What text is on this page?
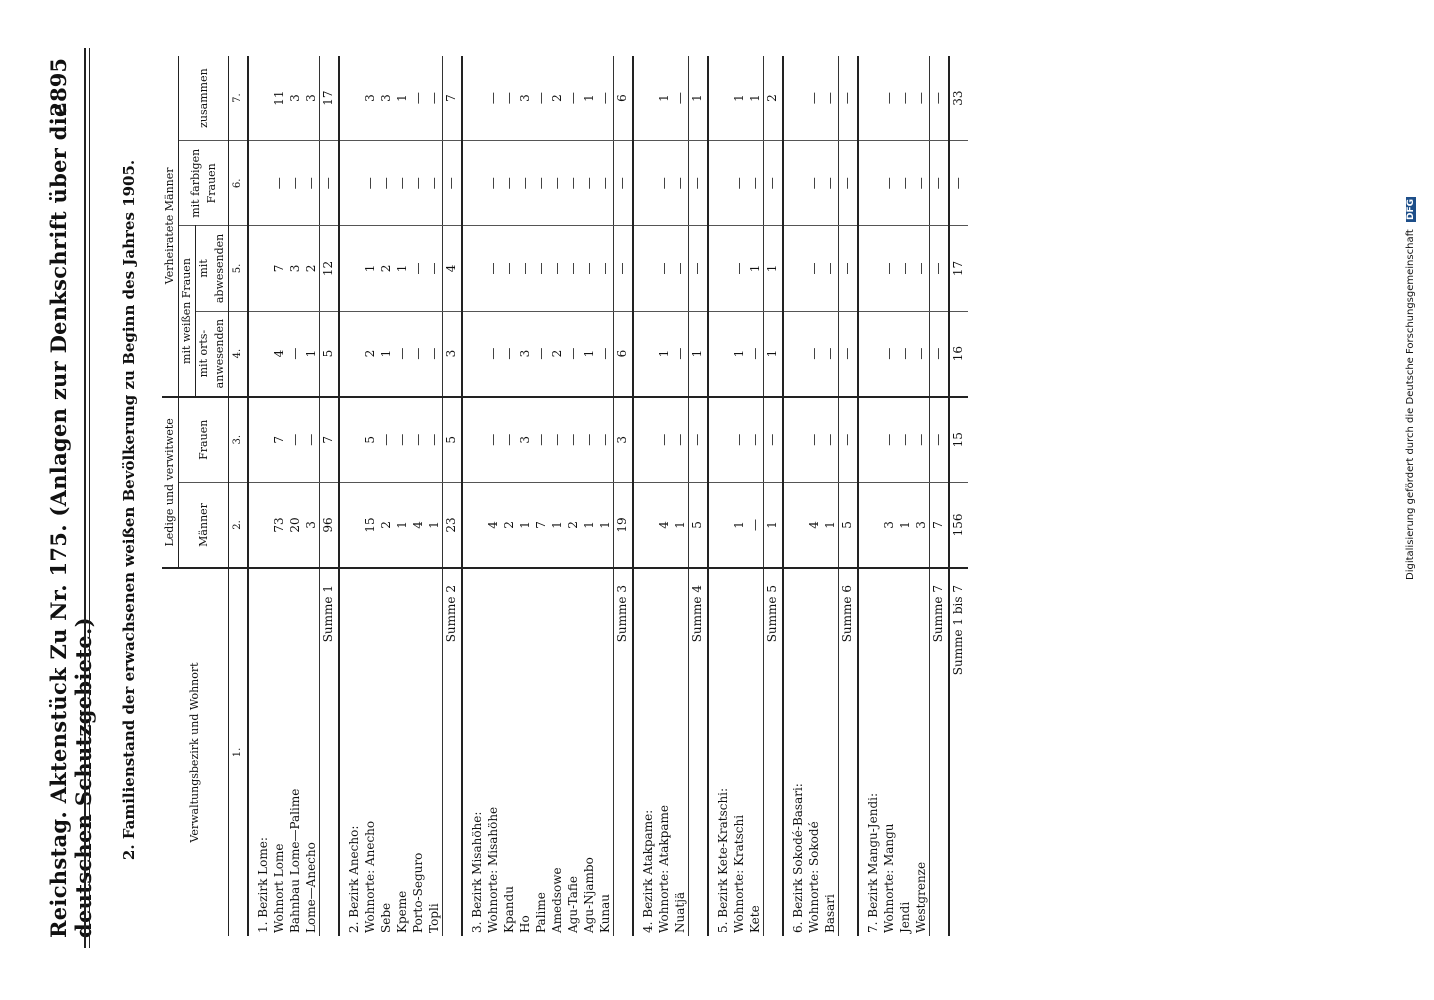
Reichstag. Aktenstück Zu Nr. 175. (Anlagen zur Denkschrift über die deutschen Schutzgebiete.)
2895
2. Familienstand der erwachsenen weißen Bevölkerung zu Beginn des Jahres 1905.	Verwaltungsbezirk und Wohnort	Ledige und verwitwete		Verheiratete Männer			
	Männer	Frauen	mit weißen Frauen		mit farbigen Frauen	zusammen
			mit orts-anwesenden	mit abwesenden		
1.	2.	3.	4.	5.	6.	7.
1. Bezirk Lome:						
Wohnort Lome	73	7	4	7	—	11
Bahnbau Lome—Palime	20	—	—	3	—	3
Lome—Anecho	3	—	1	2	—	3
Summe 1	96	7	5	12	—	17
2. Bezirk Anecho:						
Wohnorte: Anecho	15	5	2	1	—	3
Sebe	2	—	1	2	—	3
Kpeme	1	—	—	1	—	1
Porto-Seguro	4	—	—	—	—	—
Topli	1	—	—	—	—	—
Summe 2	23	5	3	4	—	7
3. Bezirk Misahöhe:						
Wohnorte: Misahöhe	4	—	—	—	—	—
Kpandu	2	—	—	—	—	—
Ho	1	3	3	—	—	3
Palime	7	—	—	—	—	—
Amedsowe	1	—	2	—	—	2
Agu-Tafie	2	—	—	—	—	—
Agu-Njambo	1	—	1	—	—	1
Kunau	1	—	—	—	—	—
Summe 3	19	3	6	—	—	6
4. Bezirk Atakpame:						
Wohnorte: Atakpame	4	—	1	—	—	1
Nuatjä	1	—	—	—	—	—
Summe 4	5	—	1	—	—	1
5. Bezirk Kete-Kratschi:						
Wohnorte: Kratschi	1	—	1	—	—	1
Kete	—	—	—	1	—	1
Summe 5	1	—	1	1	—	2
6. Bezirk Sokodé-Basari:						
Wohnorte: Sokodé	4	—	—	—	—	—
Basari	1	—	—	—	—	—
Summe 6	5	—	—	—	—	—
7. Bezirk Mangu-Jendi:						
Wohnorte: Mangu	3	—	—	—	—	—
Jendi	1	—	—	—	—	—
Westgrenze	3	—	—	—	—	—
Summe 7	7	—	—	—	—	—
Summe 1 bis 7	156	15	16	17	—	33
Digitalisierung gefördert durch die Deutsche Forschungsgemeinschaft DFG
